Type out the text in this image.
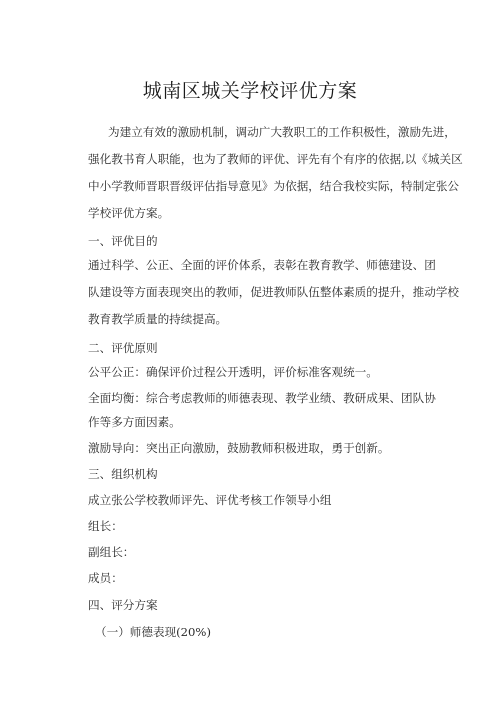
城南区城关学校评优方案
为建立有效的激励机制，调动广大教职工的工作积极性，激励先进，
强化教书育人职能，也为了教师的评优、评先有个有序的依据,以《城关区
中小学教师晋职晋级评估指导意见》为依据，结合我校实际，特制定张公
学校评优方案。
一、评优目的
通过科学、公正、全面的评价体系，表彰在教育教学、师德建设、团
队建设等方面表现突出的教师，促进教师队伍整体素质的提升，推动学校
教育教学质量的持续提高。
二、评优原则
公平公正：确保评价过程公开透明，评价标准客观统一。
全面均衡：综合考虑教师的师德表现、教学业绩、教研成果、团队协
作等多方面因素。
激励导向：突出正向激励，鼓励教师积极进取，勇于创新。
三、组织机构
成立张公学校教师评先、评优考核工作领导小组
组长：
副组长：
成员：
四、评分方案
（一）师德表现(20%)
